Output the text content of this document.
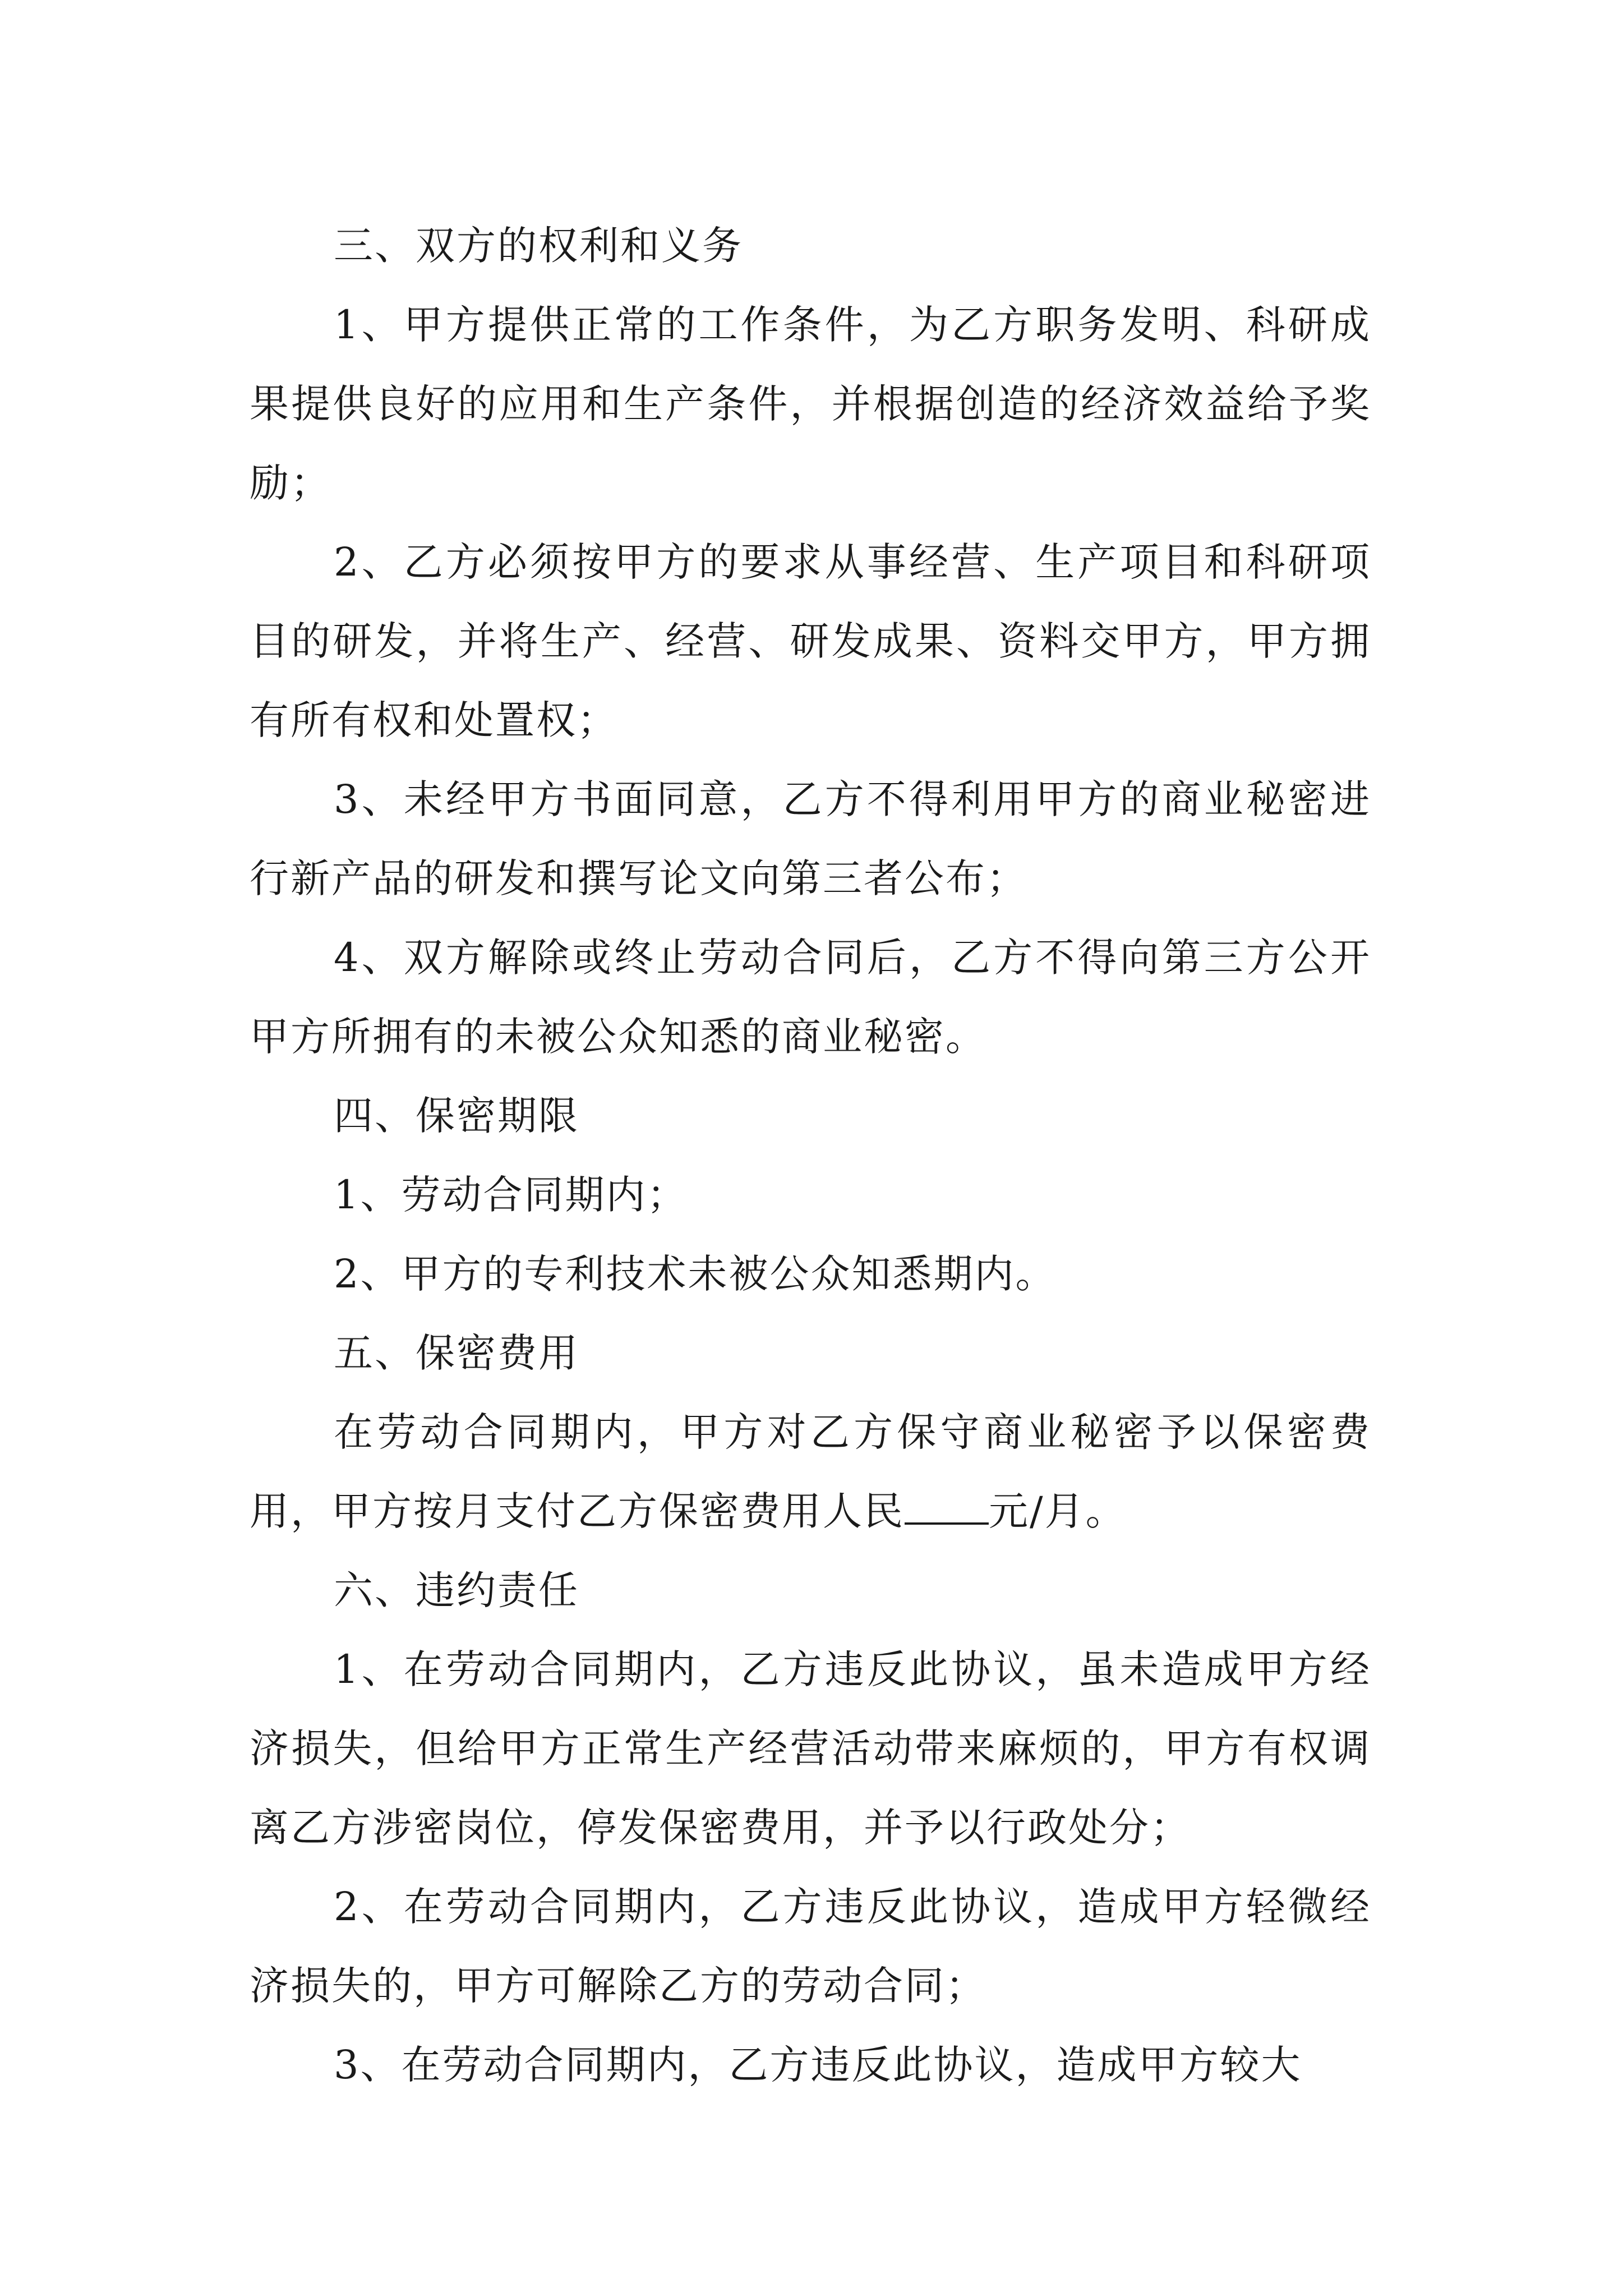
三、双方的权利和义务

1、甲方提供正常的工作条件，为乙方职务发明、科研成果提供良好的应用和生产条件，并根据创造的经济效益给予奖励；

2、乙方必须按甲方的要求从事经营、生产项目和科研项目的研发，并将生产、经营、研发成果、资料交甲方，甲方拥有所有权和处置权；

3、未经甲方书面同意，乙方不得利用甲方的商业秘密进行新产品的研发和撰写论文向第三者公布；

4、双方解除或终止劳动合同后，乙方不得向第三方公开甲方所拥有的未被公众知悉的商业秘密。

四、保密期限

1、劳动合同期内；

2、甲方的专利技术未被公众知悉期内。

五、保密费用

在劳动合同期内，甲方对乙方保守商业秘密予以保密费用，甲方按月支付乙方保密费用人民 元/月。

六、违约责任

1、在劳动合同期内，乙方违反此协议，虽未造成甲方经济损失，但给甲方正常生产经营活动带来麻烦的，甲方有权调离乙方涉密岗位，停发保密费用，并予以行政处分；

2、在劳动合同期内，乙方违反此协议，造成甲方轻微经济损失的，甲方可解除乙方的劳动合同；

3、在劳动合同期内，乙方违反此协议，造成甲方较大
